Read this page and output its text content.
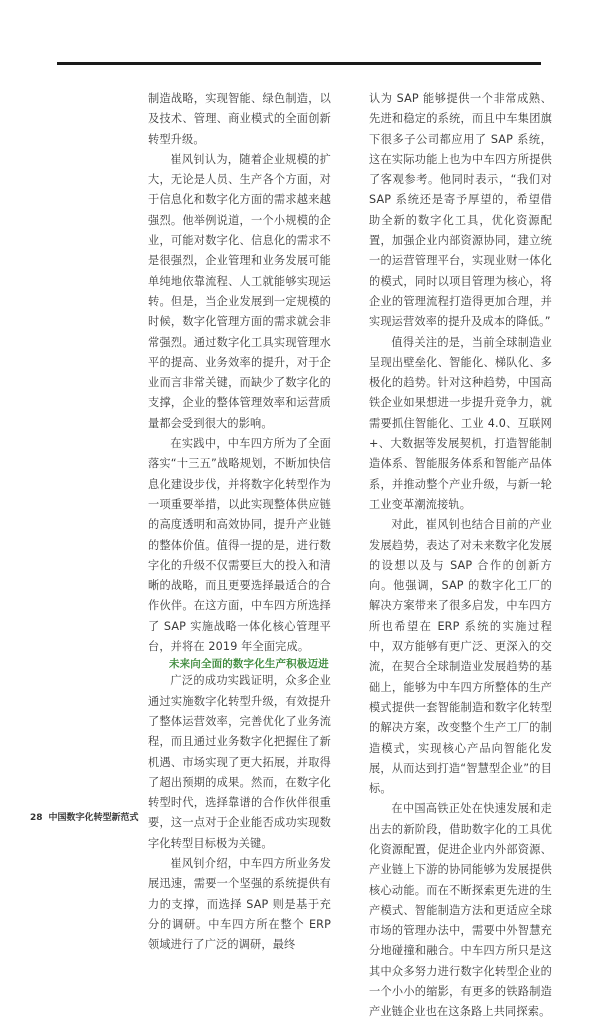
制造战略，实现智能、绿色制造，以及技术、管理、商业模式的全面创新转型升级。

崔风钊认为，随着企业规模的扩大，无论是人员、生产各个方面，对于信息化和数字化方面的需求越来越强烈。他举例说道，一个小规模的企业，可能对数字化、信息化的需求不是很强烈，企业管理和业务发展可能单纯地依靠流程、人工就能够实现运转。但是，当企业发展到一定规模的时候，数字化管理方面的需求就会非常强烈。通过数字化工具实现管理水平的提高、业务效率的提升，对于企业而言非常关键，而缺少了数字化的支撑，企业的整体管理效率和运营质量都会受到很大的影响。

在实践中，中车四方所为了全面落实“十三五”战略规划，不断加快信息化建设步伐，并将数字化转型作为一项重要举措，以此实现整体供应链的高度透明和高效协同，提升产业链的整体价值。值得一提的是，进行数字化的升级不仅需要巨大的投入和清晰的战略，而且更要选择最适合的合作伙伴。在这方面，中车四方所选择了 SAP 实施战略一体化核心管理平台，并将在 2019 年全面完成。

未来向全面的数字化生产积极迈进

广泛的成功实践证明，众多企业通过实施数字化转型升级，有效提升了整体运营效率，完善优化了业务流程，而且通过业务数字化把握住了新机遇、市场实现了更大拓展，并取得了超出预期的成果。然而，在数字化转型时代，选择靠谱的合作伙伴很重要，这一点对于企业能否成功实现数字化转型目标极为关键。

崔风钊介绍，中车四方所业务发展迅速，需要一个坚强的系统提供有力的支撑，而选择 SAP 则是基于充分的调研。中车四方所在整个 ERP 领域进行了广泛的调研，最终

认为 SAP 能够提供一个非常成熟、先进和稳定的系统，而且中车集团旗下很多子公司都应用了 SAP 系统，这在实际功能上也为中车四方所提供了客观参考。他同时表示，“我们对 SAP 系统还是寄予厚望的，希望借助全新的数字化工具，优化资源配置，加强企业内部资源协同，建立统一的运营管理平台，实现业财一体化的模式，同时以项目管理为核心，将企业的管理流程打造得更加合理，并实现运营效率的提升及成本的降低。”

值得关注的是，当前全球制造业呈现出壁垒化、智能化、梯队化、多极化的趋势。针对这种趋势，中国高铁企业如果想进一步提升竞争力，就需要抓住智能化、工业 4.0、互联网 +、大数据等发展契机，打造智能制造体系、智能服务体系和智能产品体系，并推动整个产业升级，与新一轮工业变革潮流接轨。

对此，崔风钊也结合目前的产业发展趋势，表达了对未来数字化发展的设想以及与 SAP 合作的创新方向。他强调，SAP 的数字化工厂的解决方案带来了很多启发，中车四方所也希望在 ERP 系统的实施过程中，双方能够有更广泛、更深入的交流，在契合全球制造业发展趋势的基础上，能够为中车四方所整体的生产模式提供一套智能制造和数字化转型的解决方案，改变整个生产工厂的制造模式，实现核心产品向智能化发展，从而达到打造“智慧型企业”的目标。

在中国高铁正处在快速发展和走出去的新阶段，借助数字化的工具优化资源配置，促进企业内外部资源、产业链上下游的协同能够为发展提供核心动能。而在不断探索更先进的生产模式、智能制造方法和更适应全球市场的管理办法中，需要中外智慧充分地碰撞和融合。中车四方所只是这其中众多努力进行数字化转型企业的一个小小的缩影，有更多的铁路制造产业链企业也在这条路上共同探索。

28 中国数字化转型新范式
